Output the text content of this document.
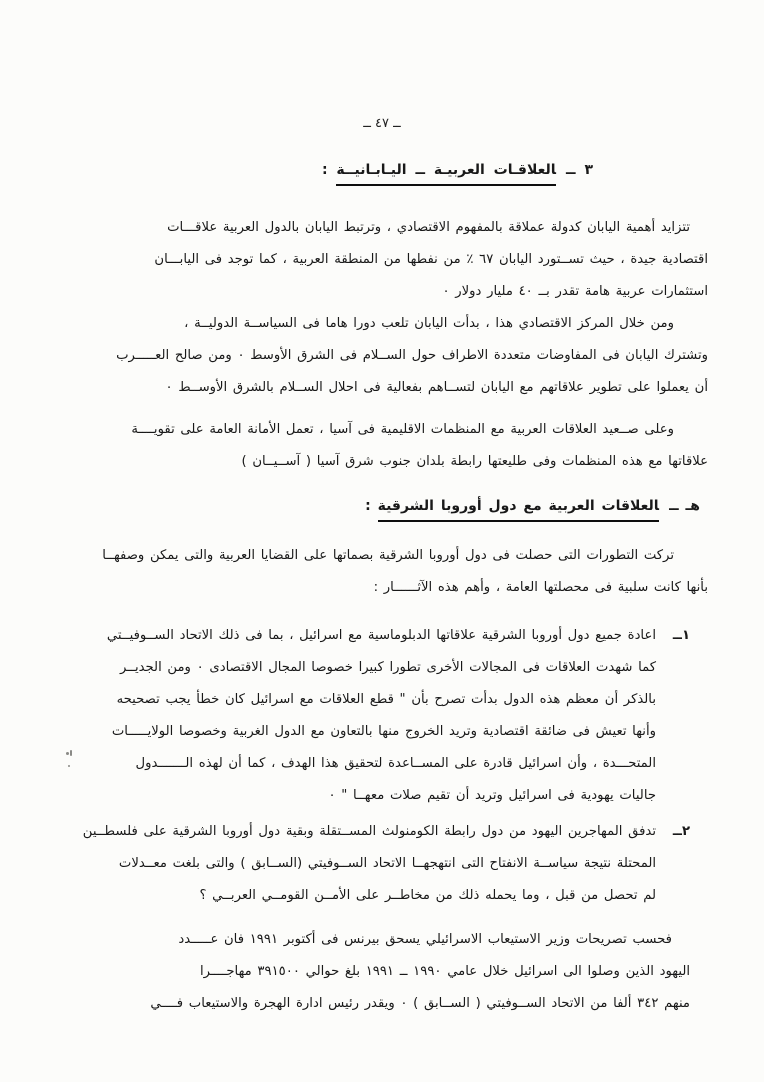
ــ ٤٧ ــ
٣ ــالعلاقـات العربيـة ــ اليـابـانيــة :
تتزايد أهمية اليابان كدولة عملاقة بالمفهوم الاقتصادي ، وترتبط اليابان بالدول العربية علاقـــات
اقتصادية جيدة ، حيث تســتورد اليابان ٦٧ ٪ من نفطها من المنطقة العربية ، كما توجد فى اليابـــان
استثمارات عربية هامة تقدر بــ ٤٠ مليار دولار ٠
ومن خلال المركز الاقتصادي هذا ، بدأت اليابان تلعب دورا هاما فى السياســة الدوليــة ،
وتشترك اليابان فى المفاوضات متعددة الاطراف حول الســلام فى الشرق الأوسط ٠ ومن صالح العـــــرب
أن يعملوا على تطوير علاقاتهم مع اليابان لتســاهم بفعالية فى احلال الســلام بالشرق الأوســط ٠
وعلى صــعيد العلاقات العربية مع المنظمات الاقليمية فى آسيا ، تعمل الأمانة العامة على تقويــــة
علاقاتها مع هذه المنظمات وفى طليعتها رابطة بلدان جنوب شرق آسيا ( آســيــان )
هـ ــالعلاقات العربية مع دول أوروبا الشرقية :
تركت التطورات التى حصلت فى دول أوروبا الشرقية بصماتها على القضايا العربية والتى يمكن وصفهــا
بأنها كانت سلبية فى محصلتها العامة ، وأهم هذه الآثــــــار :
١ــ
اعادة جميع دول أوروبا الشرقية علاقاتها الدبلوماسية مع اسرائيل ، بما فى ذلك الاتحاد الســوفيــتي
كما شهدت العلاقات فى المجالات الأخرى تطورا كبيرا خصوصا المجال الاقتصادى ٠ ومن الجديــر
بالذكر أن معظم هذه الدول بدأت تصرح بأن " قطع العلاقات مع اسرائيل كان خطأ يجب تصحيحه
وأنها تعيش فى ضائقة اقتصادية وتريد الخروج منها بالتعاون مع الدول الغربية وخصوصا الولايـــــات
المتحـــدة ، وأن اسرائيل قادرة على المســاعدة لتحقيق هذا الهدف ، كما أن لهذه الـــــــدول
جاليات يهودية فى اسرائيل وتريد أن تقيم صلات معهــا " ٠
٢ــ
تدفق المهاجرين اليهود من دول رابطة الكومنولث المســتقلة وبقية دول أوروبا الشرقية على فلسطــين
المحتلة نتيجة سياســة الانفتاح التى انتهجهــا الاتحاد الســوفيتي (الســابق ) والتى بلغت معــدلات
لم تحصل من قبل ، وما يحمله ذلك من مخاطــر على الأمــن القومــي العربــي ؟
فحسب تصريحات وزير الاستيعاب الاسرائيلي يسحق بيرنس فى أكتوبر ١٩٩١ فان عـــــدد
اليهود الذين وصلوا الى اسرائيل خلال عامي ١٩٩٠ ــ ١٩٩١ بلغ حوالي ٣٩١٥٠٠ مهاجــــرا
منهم ٣٤٢ ألفا من الاتحاد الســوفيتي ( الســابق ) ٠ ويقدر رئيس ادارة الهجرة والاستيعاب فــــي
